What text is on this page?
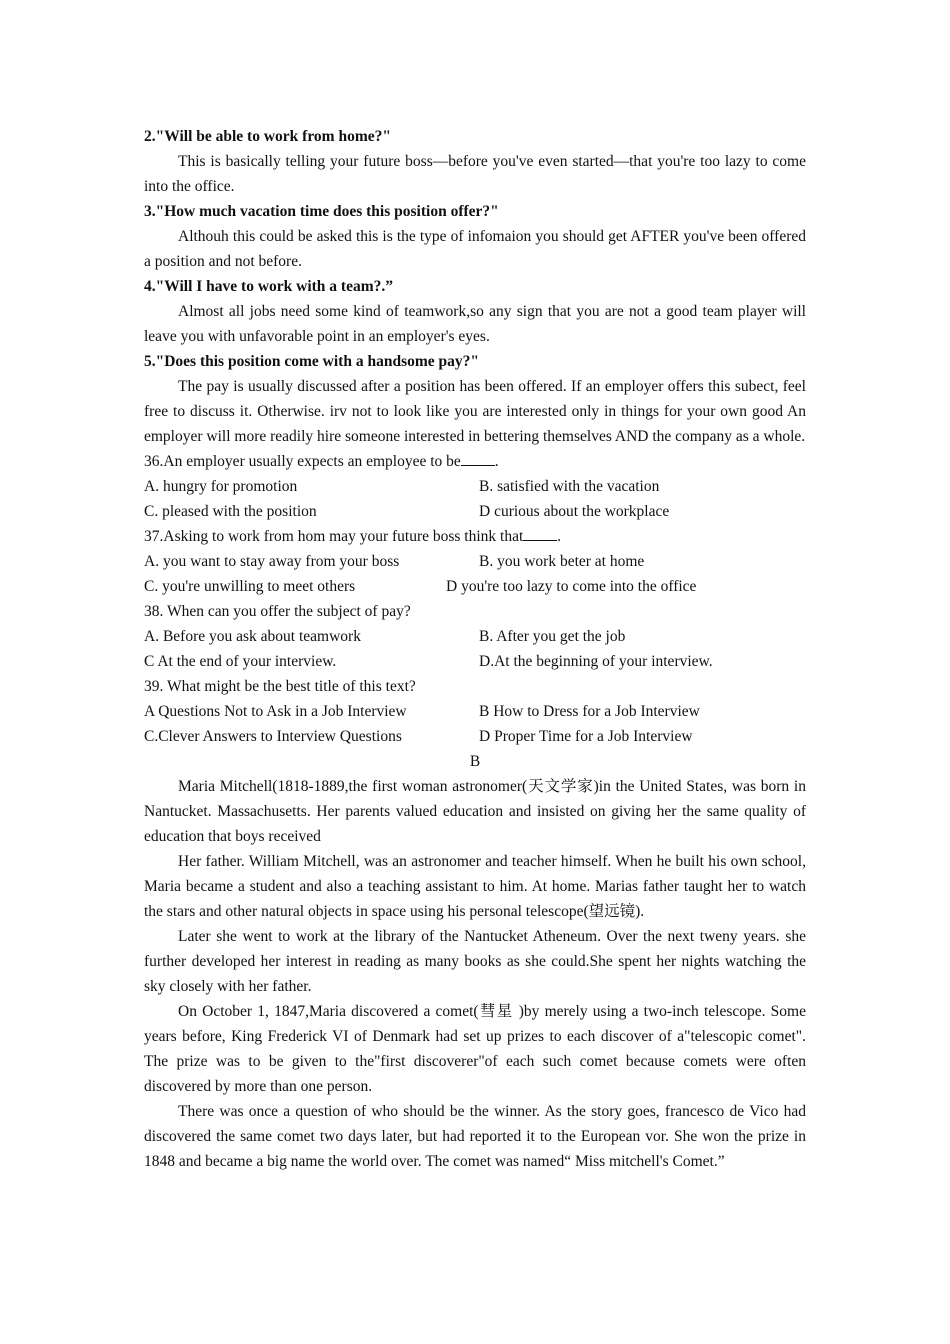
2."Will be able to work from home?"

This is basically telling your future boss—before you've even started—that you're too lazy to come into the office.

3."How much vacation time does this position offer?"

Althouh this could be asked this is the type of infomaion you should get AFTER you've been offered a position and not before.

4."Will I have to work with a team?.”

Almost all jobs need some kind of teamwork,so any sign that you are not a good team player will leave you with unfavorable point in an employer's eyes.

5."Does this position come with a handsome pay?"

The pay is usually discussed after a position has been offered. If an employer offers this subect, feel free to discuss it. Otherwise. irv not to look like you are interested only in things for your own good An employer will more readily hire someone interested in bettering themselves AND the company as a whole.

36.An employer usually expects an employee to be .

A. hungry for promotion	B. satisfied with the vacation
C. pleased with the position	D curious about the workplace

37.Asking to work from hom may your future boss think that .

A. you want to stay away from your boss	B. you work beter at home
C. you're unwilling to meet others	D you're too lazy to come into the office

38. When can you offer the subject of pay?

A. Before you ask about teamwork	B. After you get the job
C At the end of your interview.	D.At the beginning of your interview.

39. What might be the best title of this text?

A Questions Not to Ask in a Job Interview	B How to Dress for a Job Interview
C.Clever Answers to Interview Questions	D Proper Time for a Job Interview

B

Maria Mitchell(1818-1889,the first woman astronomer(天文学家)in the United States, was born in Nantucket. Massachusetts. Her parents valued education and insisted on giving her the same quality of education that boys received

Her father. William Mitchell, was an astronomer and teacher himself. When he built his own school, Maria became a student and also a teaching assistant to him. At home. Marias father taught her to watch the stars and other natural objects in space using his personal telescope(望远镜).

Later she went to work at the library of the Nantucket Atheneum. Over the next tweny years. she further developed her interest in reading as many books as she could.She spent her nights watching the sky closely with her father.

On October 1, 1847,Maria discovered a comet(彗星 )by merely using a two-inch telescope. Some years before, King Frederick VI of Denmark had set up prizes to each discover of a"telescopic comet". The prize was to be given to the"first discoverer"of each such comet because comets were often discovered by more than one person.

There was once a question of who should be the winner. As the story goes, francesco de Vico had discovered the same comet two days later, but had reported it to the European vor. She won the prize in 1848 and became a big name the world over. The comet was named“ Miss mitchell's Comet.”
